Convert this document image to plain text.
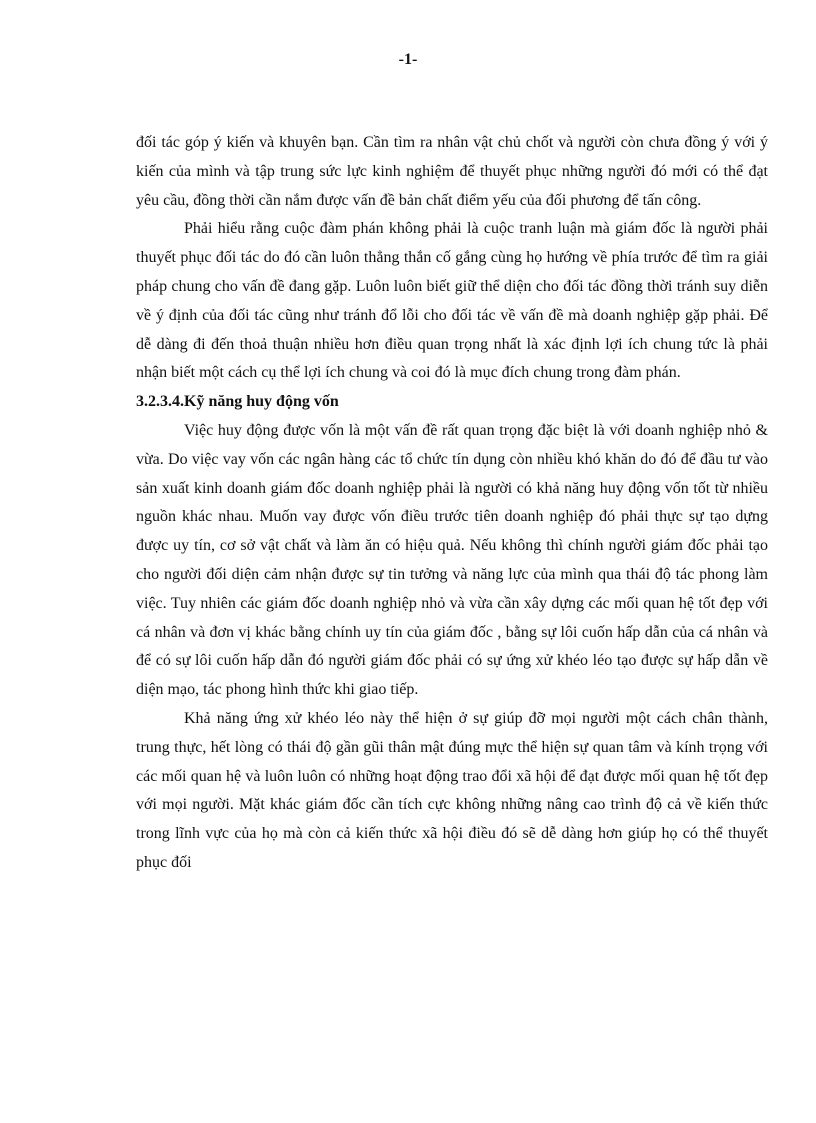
-1-

đối tác góp ý kiến và khuyên bạn. Cần tìm ra nhân vật chủ chốt và người còn chưa đồng ý với ý kiến của mình và tập trung sức lực kinh nghiệm để thuyết phục những người đó mới có thể đạt yêu cầu, đồng thời cần nắm được vấn đề bản chất điểm yếu của đối phương để tấn công.

Phải hiểu rằng cuộc đàm phán không phải là cuộc tranh luận mà giám đốc là người phải thuyết phục đối tác do đó cần luôn thẳng thắn cố gắng cùng họ hướng về phía trước để tìm ra giải pháp chung cho vấn đề đang gặp. Luôn luôn biết giữ thể diện cho đối tác đồng thời tránh suy diễn về ý định của đối tác cũng như tránh đổ lỗi cho đối tác về vấn đề mà doanh nghiệp gặp phải. Để dễ dàng đi đến thoả thuận nhiều hơn điều quan trọng nhất là xác định lợi ích chung tức là phải nhận biết một cách cụ thể lợi ích chung và coi đó là mục đích chung trong đàm phán.

3.2.3.4.Kỹ năng huy động vốn

Việc huy động được vốn là một vấn đề rất quan trọng đặc biệt là với doanh nghiệp nhỏ & vừa. Do việc vay vốn các ngân hàng các tổ chức tín dụng còn nhiều khó khăn do đó để đầu tư vào sản xuất kinh doanh giám đốc doanh nghiệp phải là người có khả năng huy động vốn tốt từ nhiều nguồn khác nhau. Muốn vay được vốn điều trước tiên doanh nghiệp đó phải thực sự tạo dựng được uy tín, cơ sở vật chất và làm ăn có hiệu quả. Nếu không thì chính người giám đốc phải tạo cho người đối diện cảm nhận được sự tin tưởng và năng lực của mình qua thái độ tác phong làm việc. Tuy nhiên các giám đốc doanh nghiệp nhỏ và vừa cần xây dựng các mối quan hệ tốt đẹp với cá nhân và đơn vị khác bằng chính uy tín của giám đốc , bằng sự lôi cuốn hấp dẫn của cá nhân và để có sự lôi cuốn hấp dẫn đó người giám đốc phải có sự ứng xử khéo léo tạo được sự hấp dẫn về diện mạo, tác phong hình thức khi giao tiếp.

Khả năng ứng xử khéo léo này thể hiện ở sự giúp đỡ mọi người một cách chân thành, trung thực, hết lòng có thái độ gần gũi thân mật đúng mực thể hiện sự quan tâm và kính trọng với các mối quan hệ và luôn luôn có những hoạt động trao đổi xã hội để đạt được mối quan hệ tốt đẹp với mọi người. Mặt khác giám đốc cần tích cực không những nâng cao trình độ cả về kiến thức trong lĩnh vực của họ mà còn cả kiến thức xã hội điều đó sẽ dễ dàng hơn giúp họ có thể thuyết phục đối
